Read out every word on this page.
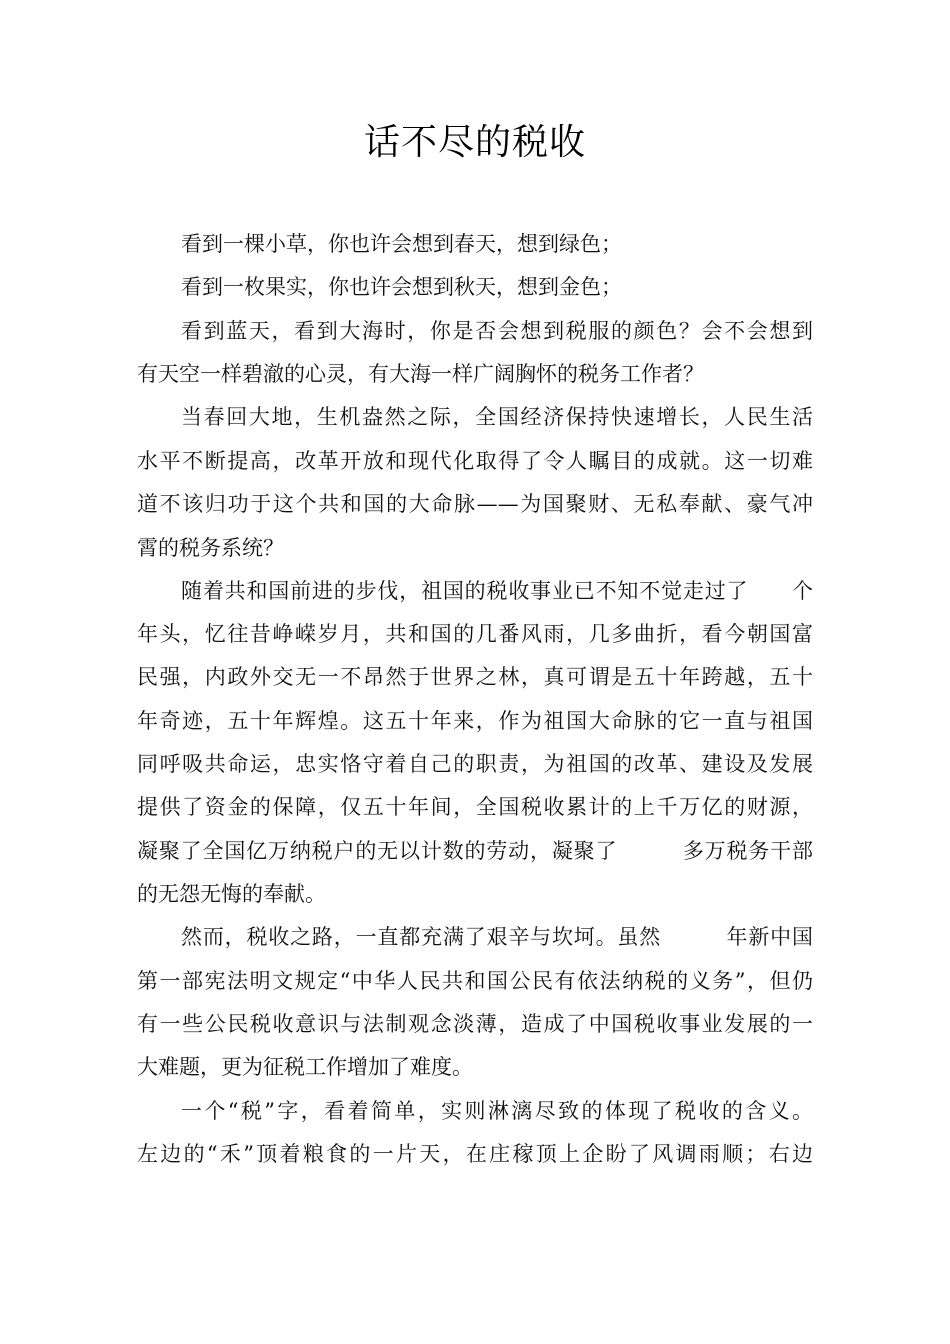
话不尽的税收
看到一棵小草，你也许会想到春天，想到绿色；
看到一枚果实，你也许会想到秋天，想到金色；
看到蓝天，看到大海时，你是否会想到税服的颜色？会不会想到
有天空一样碧澈的心灵，有大海一样广阔胸怀的税务工作者？
当春回大地，生机盎然之际，全国经济保持快速增长，人民生活
水平不断提高，改革开放和现代化取得了令人瞩目的成就。这一切难
道不该归功于这个共和国的大命脉——为国聚财、无私奉献、豪气冲
霄的税务系统？
随着共和国前进的步伐，祖国的税收事业已不知不觉走过了　　个
年头，忆往昔峥嵘岁月，共和国的几番风雨，几多曲折，看今朝国富
民强，内政外交无一不昂然于世界之林，真可谓是五十年跨越，五十
年奇迹，五十年辉煌。这五十年来，作为祖国大命脉的它一直与祖国
同呼吸共命运，忠实恪守着自己的职责，为祖国的改革、建设及发展
提供了资金的保障，仅五十年间，全国税收累计的上千万亿的财源，
凝聚了全国亿万纳税户的无以计数的劳动，凝聚了　　　多万税务干部
的无怨无悔的奉献。
然而，税收之路，一直都充满了艰辛与坎坷。虽然　　　年新中国
第一部宪法明文规定“中华人民共和国公民有依法纳税的义务”，但仍
有一些公民税收意识与法制观念淡薄，造成了中国税收事业发展的一
大难题，更为征税工作增加了难度。
一个“税”字，看着简单，实则淋漓尽致的体现了税收的含义。
左边的“禾”顶着粮食的一片天，在庄稼顶上企盼了风调雨顺；右边
